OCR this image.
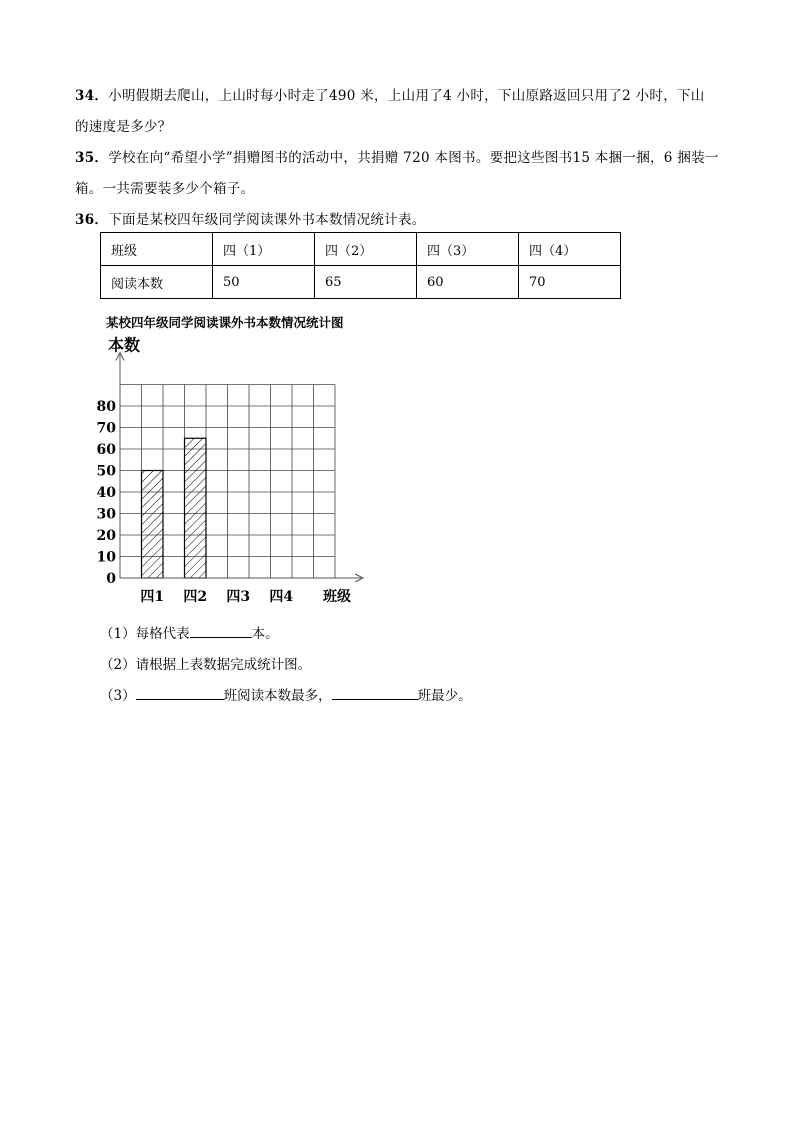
34．小明假期去爬山，上山时每小时走了490 米，上山用了4 小时，下山原路返回只用了2 小时，下山
的速度是多少？
35．学校在向“希望小学”捐赠图书的活动中，共捐赠 720 本图书。要把这些图书15 本捆一捆，6 捆装一
箱。一共需要装多少个箱子。
36．下面是某校四年级同学阅读课外书本数情况统计表。
班级	四（1）	四（2）	四（3）	四（4）
阅读本数	50	65	60	70
某校四年级同学阅读课外书本数情况统计图
0
10
20
30
40
50
60
70
80
本数
四1 四2 四3 四4 班级
（1）每格代表	本。
（2）请根据上表数据完成统计图。
（3）	班阅读本数最多，	班最少。
